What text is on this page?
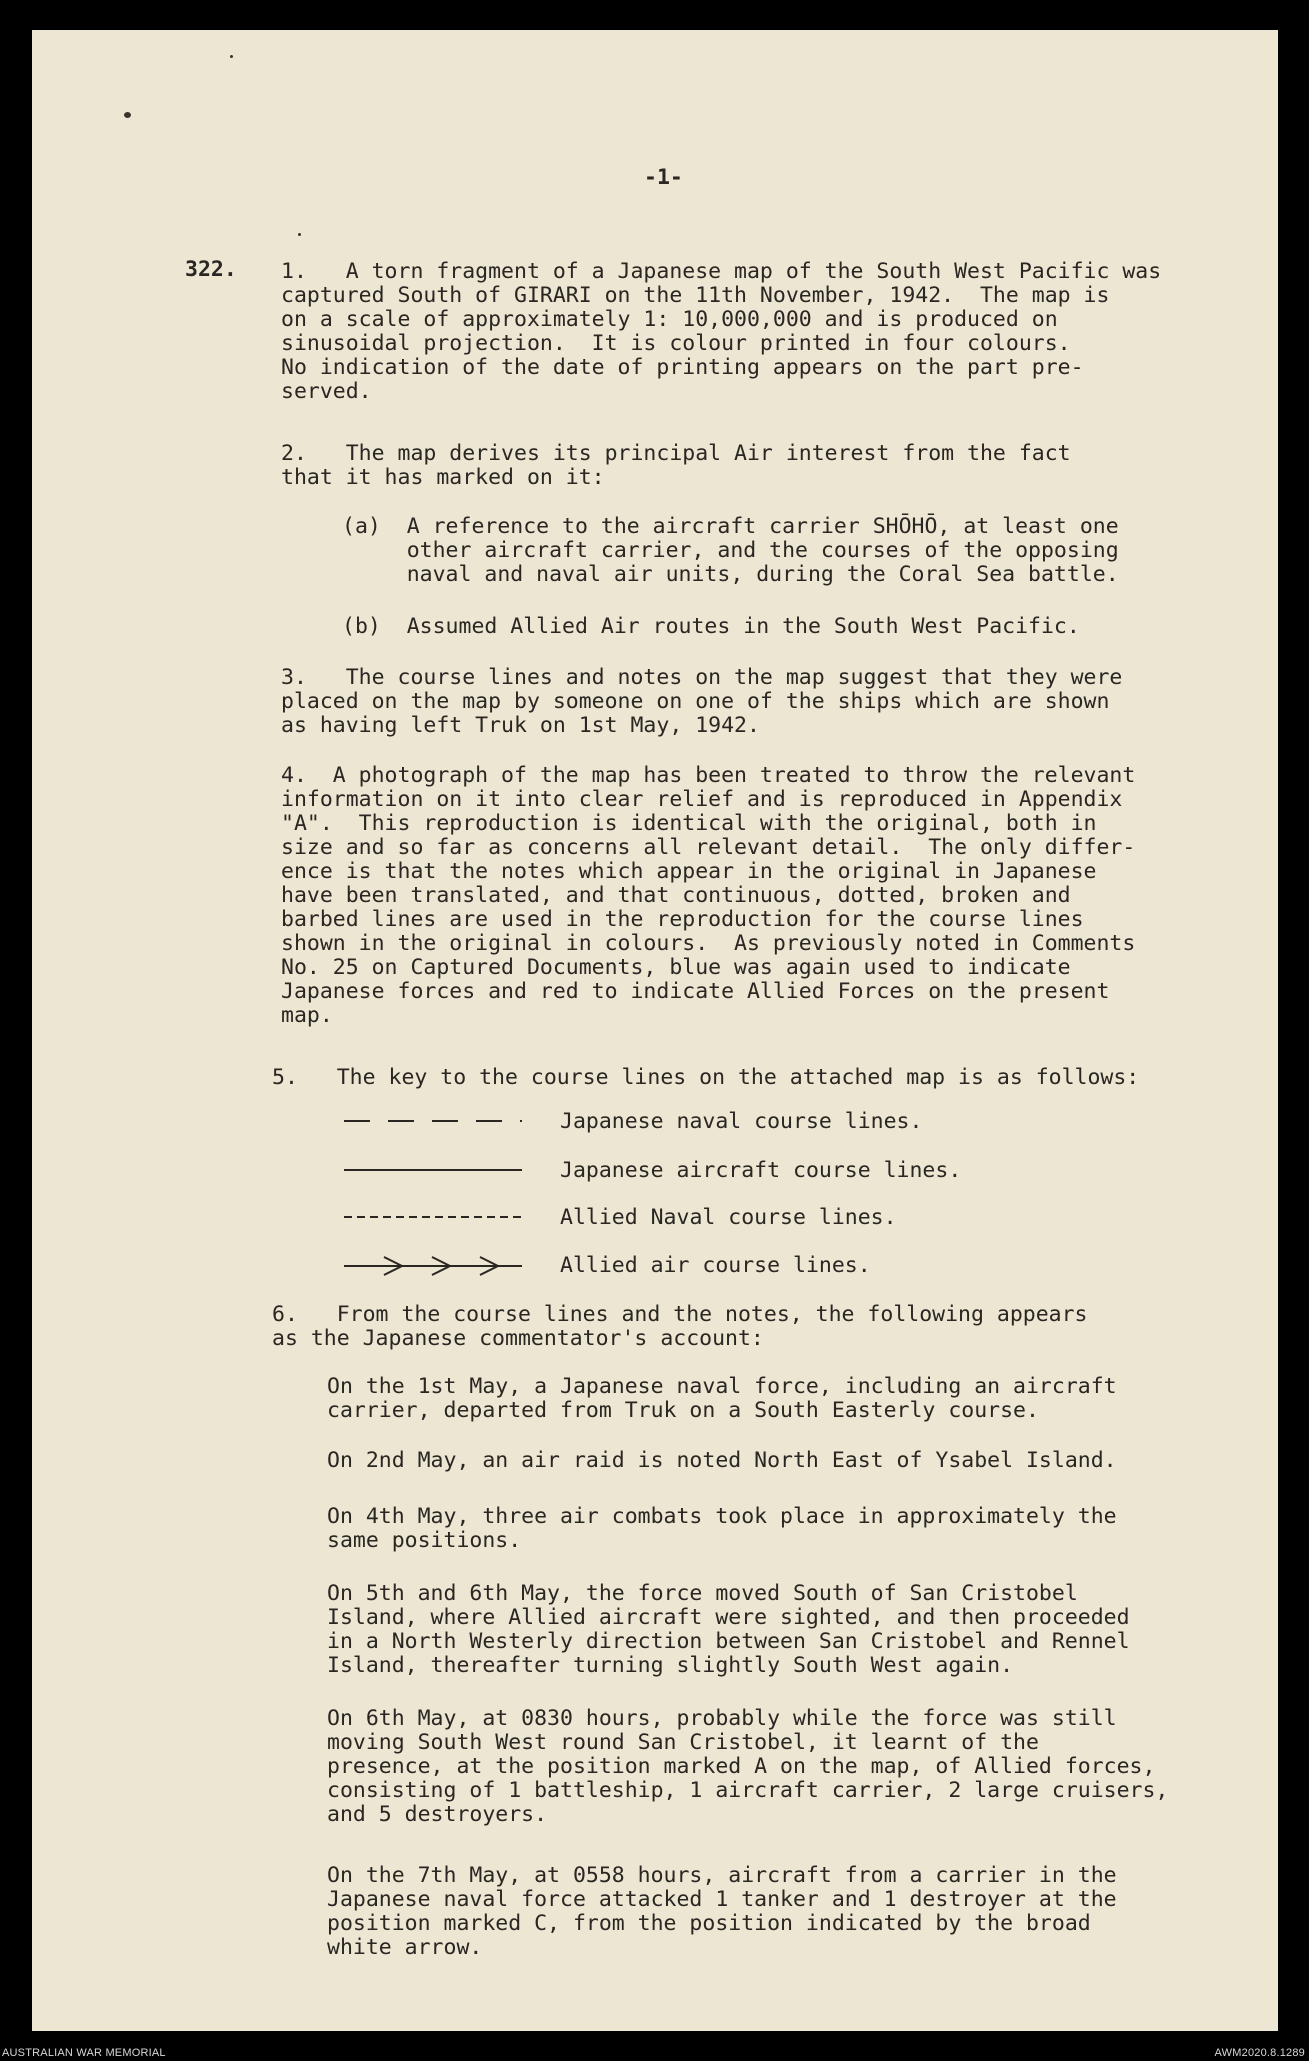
-1-
322. 1.   A torn fragment of a Japanese map of the South West Pacific was
captured South of GIRARI on the 11th November, 1942.  The map is
on a scale of approximately 1: 10,000,000 and is produced on
sinusoidal projection.  It is colour printed in four colours.
No indication of the date of printing appears on the part pre-
served.
2.   The map derives its principal Air interest from the fact
that it has marked on it:
(a)  A reference to the aircraft carrier SHŌHŌ, at least one
other aircraft carrier, and the courses of the opposing
naval and naval air units, during the Coral Sea battle.
(b)  Assumed Allied Air routes in the South West Pacific.
3.   The course lines and notes on the map suggest that they were
placed on the map by someone on one of the ships which are shown
as having left Truk on 1st May, 1942.
4.  A photograph of the map has been treated to throw the relevant
information on it into clear relief and is reproduced in Appendix
"A".  This reproduction is identical with the original, both in
size and so far as concerns all relevant detail.  The only differ-
ence is that the notes which appear in the original in Japanese
have been translated, and that continuous, dotted, broken and
barbed lines are used in the reproduction for the course lines
shown in the original in colours.  As previously noted in Comments
No. 25 on Captured Documents, blue was again used to indicate
Japanese forces and red to indicate Allied Forces on the present
map.
5.   The key to the course lines on the attached map is as follows:
Japanese naval course lines.
Japanese aircraft course lines.
Allied Naval course lines.
Allied air course lines.
6.   From the course lines and the notes, the following appears
as the Japanese commentator's account:
On the 1st May, a Japanese naval force, including an aircraft
carrier, departed from Truk on a South Easterly course.
On 2nd May, an air raid is noted North East of Ysabel Island.
On 4th May, three air combats took place in approximately the
same positions.
On 5th and 6th May, the force moved South of San Cristobel
Island, where Allied aircraft were sighted, and then proceeded
in a North Westerly direction between San Cristobel and Rennel
Island, thereafter turning slightly South West again.
On 6th May, at 0830 hours, probably while the force was still
moving South West round San Cristobel, it learnt of the
presence, at the position marked A on the map, of Allied forces,
consisting of 1 battleship, 1 aircraft carrier, 2 large cruisers,
and 5 destroyers.
On the 7th May, at 0558 hours, aircraft from a carrier in the
Japanese naval force attacked 1 tanker and 1 destroyer at the
position marked C, from the position indicated by the broad
white arrow.
AUSTRALIAN WAR MEMORIAL	AWM2020.8.1289
